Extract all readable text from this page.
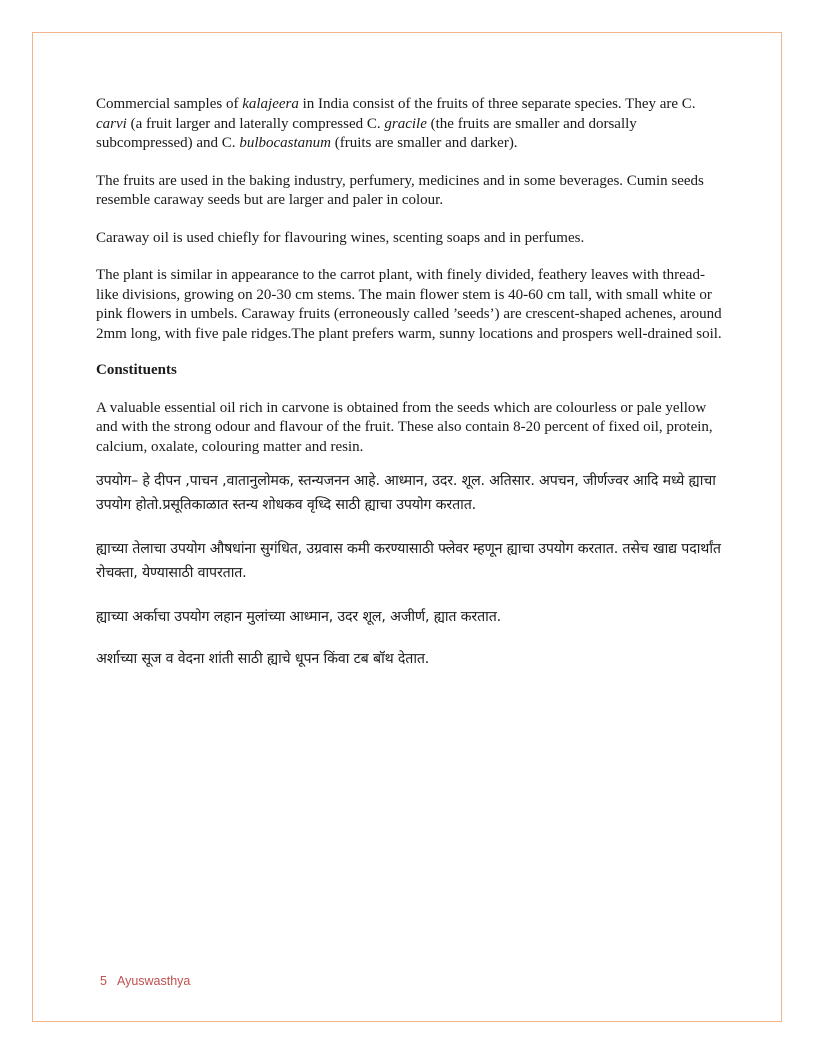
Commercial samples of kalajeera in India consist of the fruits of three separate species. They are C. carvi (a fruit larger and laterally compressed C. gracile (the fruits are smaller and dorsally subcompressed) and C. bulbocastanum (fruits are smaller and darker).

The fruits are used in the baking industry, perfumery, medicines and in some beverages. Cumin seeds resemble caraway seeds but are larger and paler in colour.

Caraway oil is used chiefly for flavouring wines, scenting soaps and in perfumes.

The plant is similar in appearance to the carrot plant, with finely divided, feathery leaves with thread-like divisions, growing on 20-30 cm stems. The main flower stem is 40-60 cm tall, with small white or pink flowers in umbels. Caraway fruits (erroneously called ’seeds’) are crescent-shaped achenes, around 2mm long, with five pale ridges.The plant prefers warm, sunny locations and prospers well-drained soil.

Constituents

A valuable essential oil rich in carvone is obtained from the seeds which are colourless or pale yellow and with the strong odour and flavour of the fruit. These also contain 8-20 percent of fixed oil, protein, calcium, oxalate, colouring matter and resin.

उपयोग– हे दीपन ,पाचन ,वातानुलोमक, स्तन्यजनन आहे. आध्मान, उदर. शूल. अतिसार. अपचन, जीर्णज्वर आदि मध्ये ह्याचा उपयोग होतो.प्रसूतिकाळात स्तन्य शोधकव वृध्दि साठी ह्याचा उपयोग करतात.

ह्याच्या तेलाचा उपयोग औषधांना सुगंधित, उग्रवास कमी करण्यासाठी फ्लेवर म्हणून ह्याचा उपयोग करतात. तसेच खाद्य पदार्थांत रोचक्ता, येण्यासाठी वापरतात.

ह्याच्या अर्काचा उपयोग लहान मुलांच्या आध्मान, उदर शूल, अजीर्ण, ह्यात करतात.

अर्शाच्या सूज व वेदना शांती साठी ह्याचे धूपन किंवा टब बॉथ देतात.

5 Ayuswasthya
